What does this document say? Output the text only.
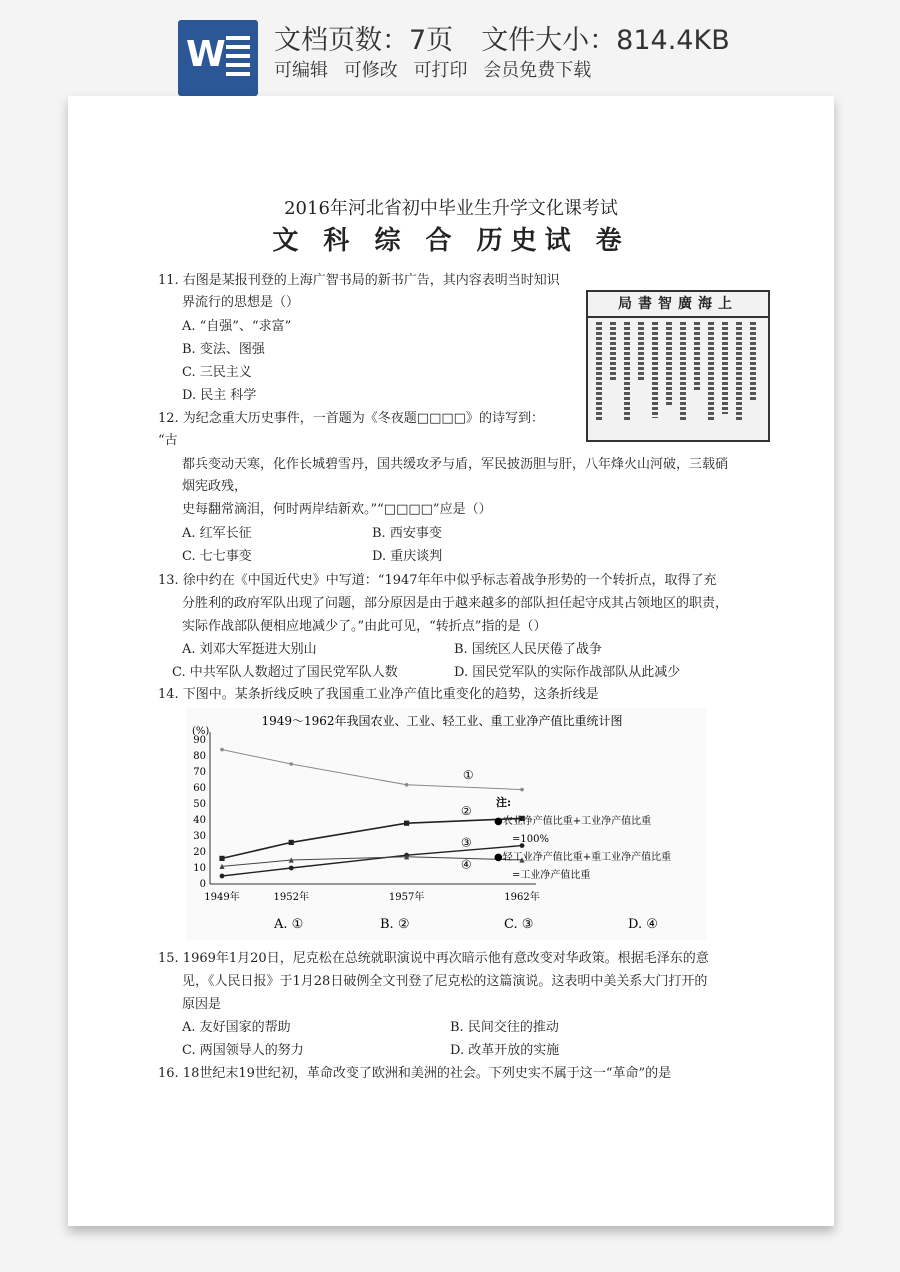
W 文档页数：7页 文件大小：814.4KB
可编辑 可修改 可打印 会员免费下载
2016年河北省初中毕业生升学文化课考试
文 科 综 合 历史试 卷
11. 右图是某报刊登的上海广智书局的新书广告，其内容表明当时知识
界流行的思想是（）
A. “自强”、“求富”
B. 变法、图强
C. 三民主义
D. 民主 科学
局書智廣海上
12. 为纪念重大历史事件，一首题为《冬夜题□□□□》的诗写到：
“古
都兵变动天寒，化作长城碧雪丹，国共缓攻矛与盾，军民披沥胆与肝，八年烽火山河破，三载硝
烟宪政残，
史每翻常滴泪，何时两岸结新欢。”“□□□□”应是（）
A. 红军长征	B. 西安事变
C. 七七事变	D. 重庆谈判
13. 徐中约在《中国近代史》中写道：“1947年年中似乎标志着战争形势的一个转折点，取得了充
分胜利的政府军队出现了问题，部分原因是由于越来越多的部队担任起守戍其占领地区的职责，
实际作战部队便相应地减少了。”由此可见，“转折点”指的是（）
A. 刘邓大军挺进大别山	B. 国统区人民厌倦了战争
C. 中共军队人数超过了国民党军队人数	D. 国民党军队的实际作战部队从此减少
14. 下图中。某条折线反映了我国重工业净产值比重变化的趋势，这条折线是
1949～1962年我国农业、工业、轻工业、重工业净产值比重统计图
(%)
0
10
20
30
40
50
60
70
80
90
1949年	1952年	1957年	1962年
①
②
③
④
注:
●农业净产值比重+工业净产值比重
=100%
●轻工业净产值比重+重工业净产值比重
=工业净产值比重
A. ①	B. ②	C. ③	D. ④
15. 1969年1月20日，尼克松在总统就职演说中再次暗示他有意改变对华政策。根据毛泽东的意
见，《人民日报》于1月28日破例全文刊登了尼克松的这篇演说。这表明中美关系大门打开的
原因是
A. 友好国家的帮助	B. 民间交往的推动
C. 两国领导人的努力	D. 改革开放的实施
16. 18世纪末19世纪初，革命改变了欧洲和美洲的社会。下列史实不属于这一“革命”的是
